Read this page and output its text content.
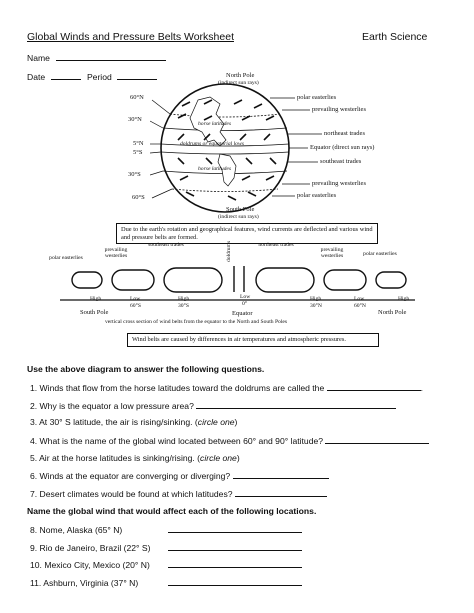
Global Winds and Pressure Belts Worksheet	Earth Science
Name
Date	Period	North Pole
(indirect sun rays)
South Pole
(indirect sun rays)
60°N
30°N
5°N
5°S
30°S
60°S
horse latitudes
doldrums or equatorial lows
horse latitudes
polar easterlies
prevailing westerlies
northeast trades
Equator (direct sun rays)
southeast trades
prevailing westerlies
polar easterlies
Due to the earth's rotation and geographical features, wind currents are deflected and various wind and pressure belts are formed.
polar easterlies
prevailing westerlies
southeast trades	doldrums	northeast trades
prevailing westerlies	polar easterlies
High	Low
60°S
High
30°S
Low
0°
High
30°N
Low
60°N
High
South Pole	Equator	North Pole
vertical cross section of wind belts from the equator to the North and South Poles
Wind belts are caused by differences in air temperatures and atmospheric pressures.
Use the above diagram to answer the following questions.
1. Winds that flow from the horse latitudes toward the doldrums are called the	.
2. Why is the equator a low pressure area?
3. At 30° S latitude, the air is rising/sinking. (circle one)
4. What is the name of the global wind located between 60° and 90° latitude?
5. Air at the horse latitudes is sinking/rising. (circle one)
6. Winds at the equator are converging or diverging?
7. Desert climates would be found at which latitudes?
Name the global wind that would affect each of the following locations.
8. Nome, Alaska (65° N)
9. Rio de Janeiro, Brazil (22° S)
10. Mexico City, Mexico (20° N)
11. Ashburn, Virginia (37° N)
